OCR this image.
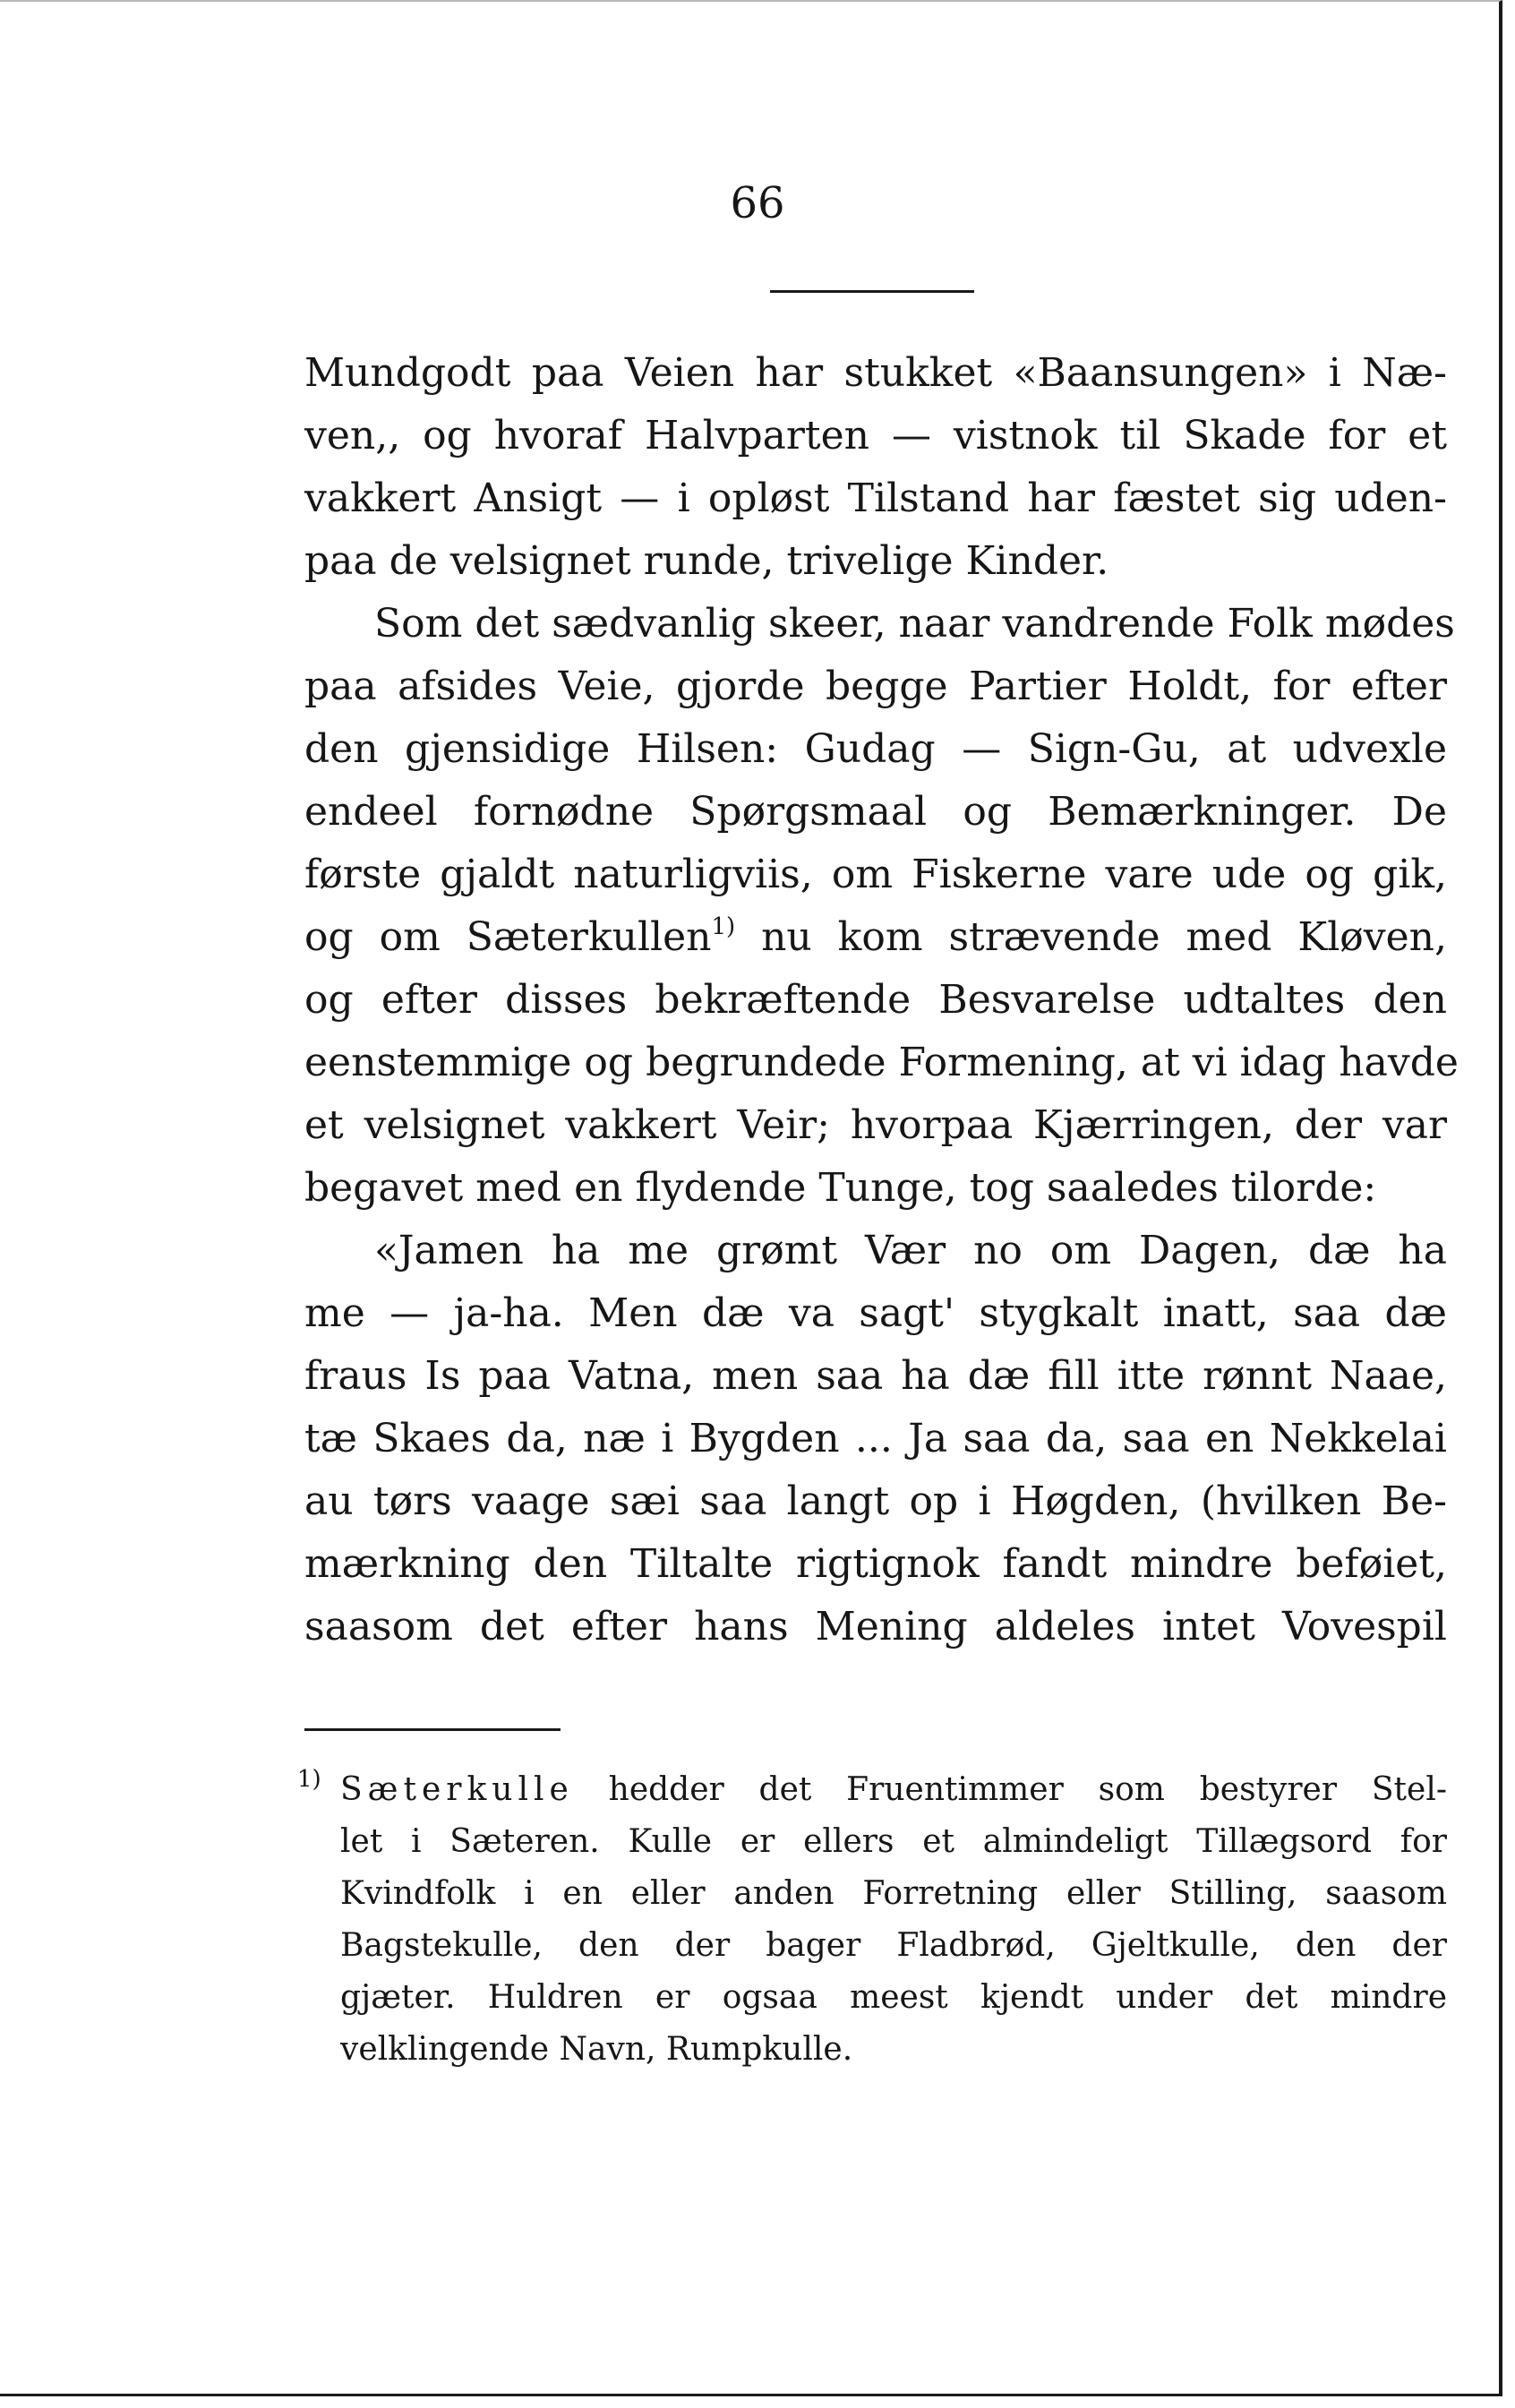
66
Mundgodt paa Veien har stukket «Baansungen» i Næ-
ven,, og hvoraf Halvparten — vistnok til Skade for et
vakkert Ansigt — i opløst Tilstand har fæstet sig uden-
paa de velsignet runde, trivelige Kinder.
Som det sædvanlig skeer, naar vandrende Folk mødes
paa afsides Veie, gjorde begge Partier Holdt, for efter
den gjensidige Hilsen: Gudag — Sign-Gu, at udvexle
endeel fornødne Spørgsmaal og Bemærkninger. De
første gjaldt naturligviis, om Fiskerne vare ude og gik,
og om Sæterkullen$^{1)}$ nu kom strævende med Kløven,
og efter disses bekræftende Besvarelse udtaltes den
eenstemmige og begrundede Formening, at vi idag havde
et velsignet vakkert Veir; hvorpaa Kjærringen, der var
begavet med en flydende Tunge, tog saaledes tilorde:
«Jamen ha me grømt Vær no om Dagen, dæ ha
me — ja-ha. Men dæ va sagt' stygkalt inatt, saa dæ
fraus Is paa Vatna, men saa ha dæ fill itte rønnt Naae,
tæ Skaes da, næ i Bygden ... Ja saa da, saa en Nekkelai
au tørs vaage sæi saa langt op i Høgden, (hvilken Be-
mærkning den Tiltalte rigtignok fandt mindre beføiet,
saasom det efter hans Mening aldeles intet Vovespil
1) Sæterkulle hedder det Fruentimmer som bestyrer Stel-
let i Sæteren. Kulle er ellers et almindeligt Tillægsord for
Kvindfolk i en eller anden Forretning eller Stilling, saasom
Bagstekulle, den der bager Fladbrød, Gjeltkulle, den der
gjæter. Huldren er ogsaa meest kjendt under det mindre
velklingende Navn, Rumpkulle.
